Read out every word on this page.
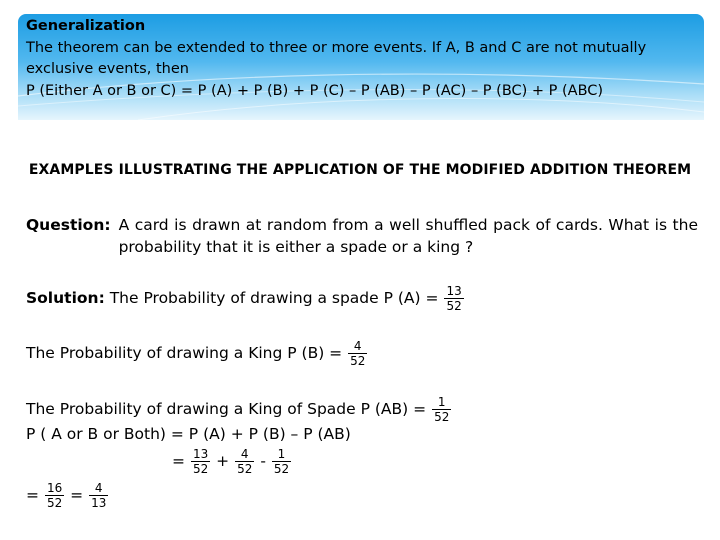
Generalization
The theorem can be extended to three or more events. If A, B and C are not mutually
exclusive events, then
P (Either A or B or C) = P (A) + P (B) + P (C) – P (AB) – P (AC) – P (BC) + P (ABC)
EXAMPLES ILLUSTRATING THE APPLICATION OF THE MODIFIED ADDITION THEOREM
Question:	A card is drawn at random from a well shuffled pack of cards. What is the probability that it is either a spade or a king ?
Solution: The Probability of drawing a spade P $(A) = \frac{13}{52}$
The Probability of drawing a King P $(B) = \frac{4}{52}$
The Probability of drawing a King of Spade P $(AB) = \frac{1}{52}$
P ( A or B or Both) = P (A) + P (B) – P (AB)
= $\frac{13}{52} + \frac{4}{52} - \frac{1}{52}$
= $\frac{16}{52} = \frac{4}{13}$
